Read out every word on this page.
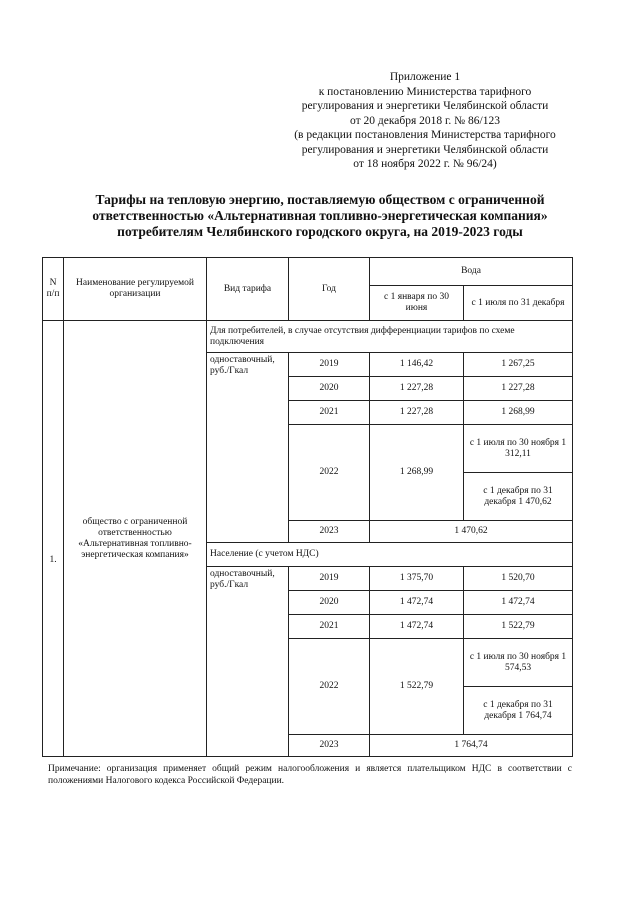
Приложение 1
к постановлению Министерства тарифного
регулирования и энергетики Челябинской области
от 20 декабря 2018 г. № 86/123
(в редакции постановления Министерства тарифного
регулирования и энергетики Челябинской области
от 18 ноября 2022 г. № 96/24)
Тарифы на тепловую энергию, поставляемую обществом с ограниченной
ответственностью «Альтернативная топливно-энергетическая компания»
потребителям Челябинского городского округа, на 2019-2023 годы
N п/п	Наименование регулируемой организации	Вид тарифа	Год	Вода	
				с 1 января по 30 июня	с 1 июля по 31 декабря
1.	общество с ограниченной ответственностью «Альтернативная топливно-энергетическая компания»	Для потребителей, в случае отсутствия дифференциации тарифов по схеме подключения			
		одноставочный, руб./Гкал	2019	1 146,42	1 267,25
			2020	1 227,28	1 227,28
			2021	1 227,28	1 268,99
			2022	1 268,99	с 1 июля по 30 ноября 1 312,11
					с 1 декабря по 31 декабря 1 470,62
			2023	1 470,62	
		Население (с учетом НДС)			
		одноставочный, руб./Гкал	2019	1 375,70	1 520,70
			2020	1 472,74	1 472,74
			2021	1 472,74	1 522,79
			2022	1 522,79	с 1 июля по 30 ноября 1 574,53
					с 1 декабря по 31 декабря 1 764,74
			2023	1 764,74	
Примечание: организация применяет общий режим налогообложения и является плательщиком НДС в соответствии с положениями Налогового кодекса Российской Федерации.
